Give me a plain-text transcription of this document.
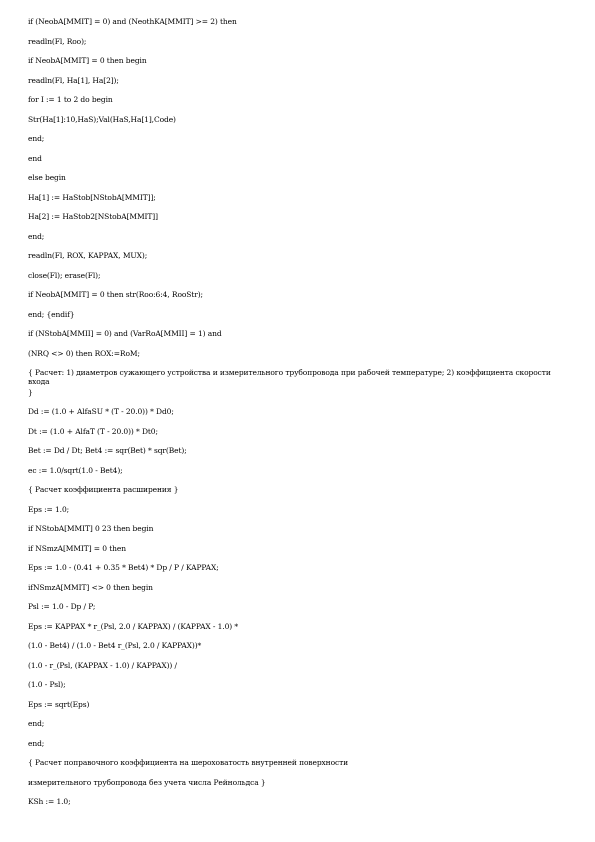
if (NeobA[MMIT] = 0) and (NeothKA[MMIT] >= 2) then
readln(Fl, Roo);
if NeobA[MMIT] = 0 then begin
readln(Fl, Ha[1], Ha[2]);
for I := 1 to 2 do begin
Str(Ha[1]:10,HaS);Val(HaS,Ha[1],Code)
end;
end
else begin
Ha[1] := HaStob[NStobA[MMIT]];
Ha[2] := HaStob2[NStobA[MMIT]]
end;
readln(Fl, ROX, KAPPAX, MUX);
close(Fl); erase(Fl);
if NeobA[MMIT] = 0 then str(Roo:6:4, RooStr);
end; {endif}
if (NStobA[MMII] = 0) and (VarRoA[MMII] = 1) and
(NRQ <> 0) then ROX:=RoM;
{ Расчет: 1) диаметров сужающего устройства и измерительного трубопровода при рабочей температуре; 2) коэффициента скорости входа
}
Dd := (1.0 + AlfaSU * (T - 20.0)) * Dd0;
Dt := (1.0 + AlfaT (T - 20.0)) * Dt0;
Bet := Dd / Dt; Bet4 := sqr(Bet) * sqr(Bet);
ec := 1.0/sqrt(1.0 - Bet4);
{ Расчет коэффициента расширения }
Eps := 1.0;
if NStobA[MMIT] 0 23 then begin
if NSmzA[MMIT] = 0 then
Eps := 1.0 - (0.41 + 0.35 * Bet4) * Dp / P / KAPPAX;
ifNSmzA[MMIT] <> 0 then begin
Psl := 1.0 - Dp / P;
Eps := KAPPAX * r_(Psl, 2.0 / KAPPAX) / (KAPPAX - 1.0) *
(1.0 - Bet4) / (1.0 - Bet4 r_(Psl, 2.0 / KAPPAX))*
(1.0 - r_(Psl, (KAPPAX - 1.0) / KAPPAX)) /
(1.0 - Psl);
Eps := sqrt(Eps)
end;
end;
{ Расчет поправочного коэффициента на шероховатость внутренней поверхности
измерительного трубопровода без учета числа Рейнольдса }
KSh := 1.0;
